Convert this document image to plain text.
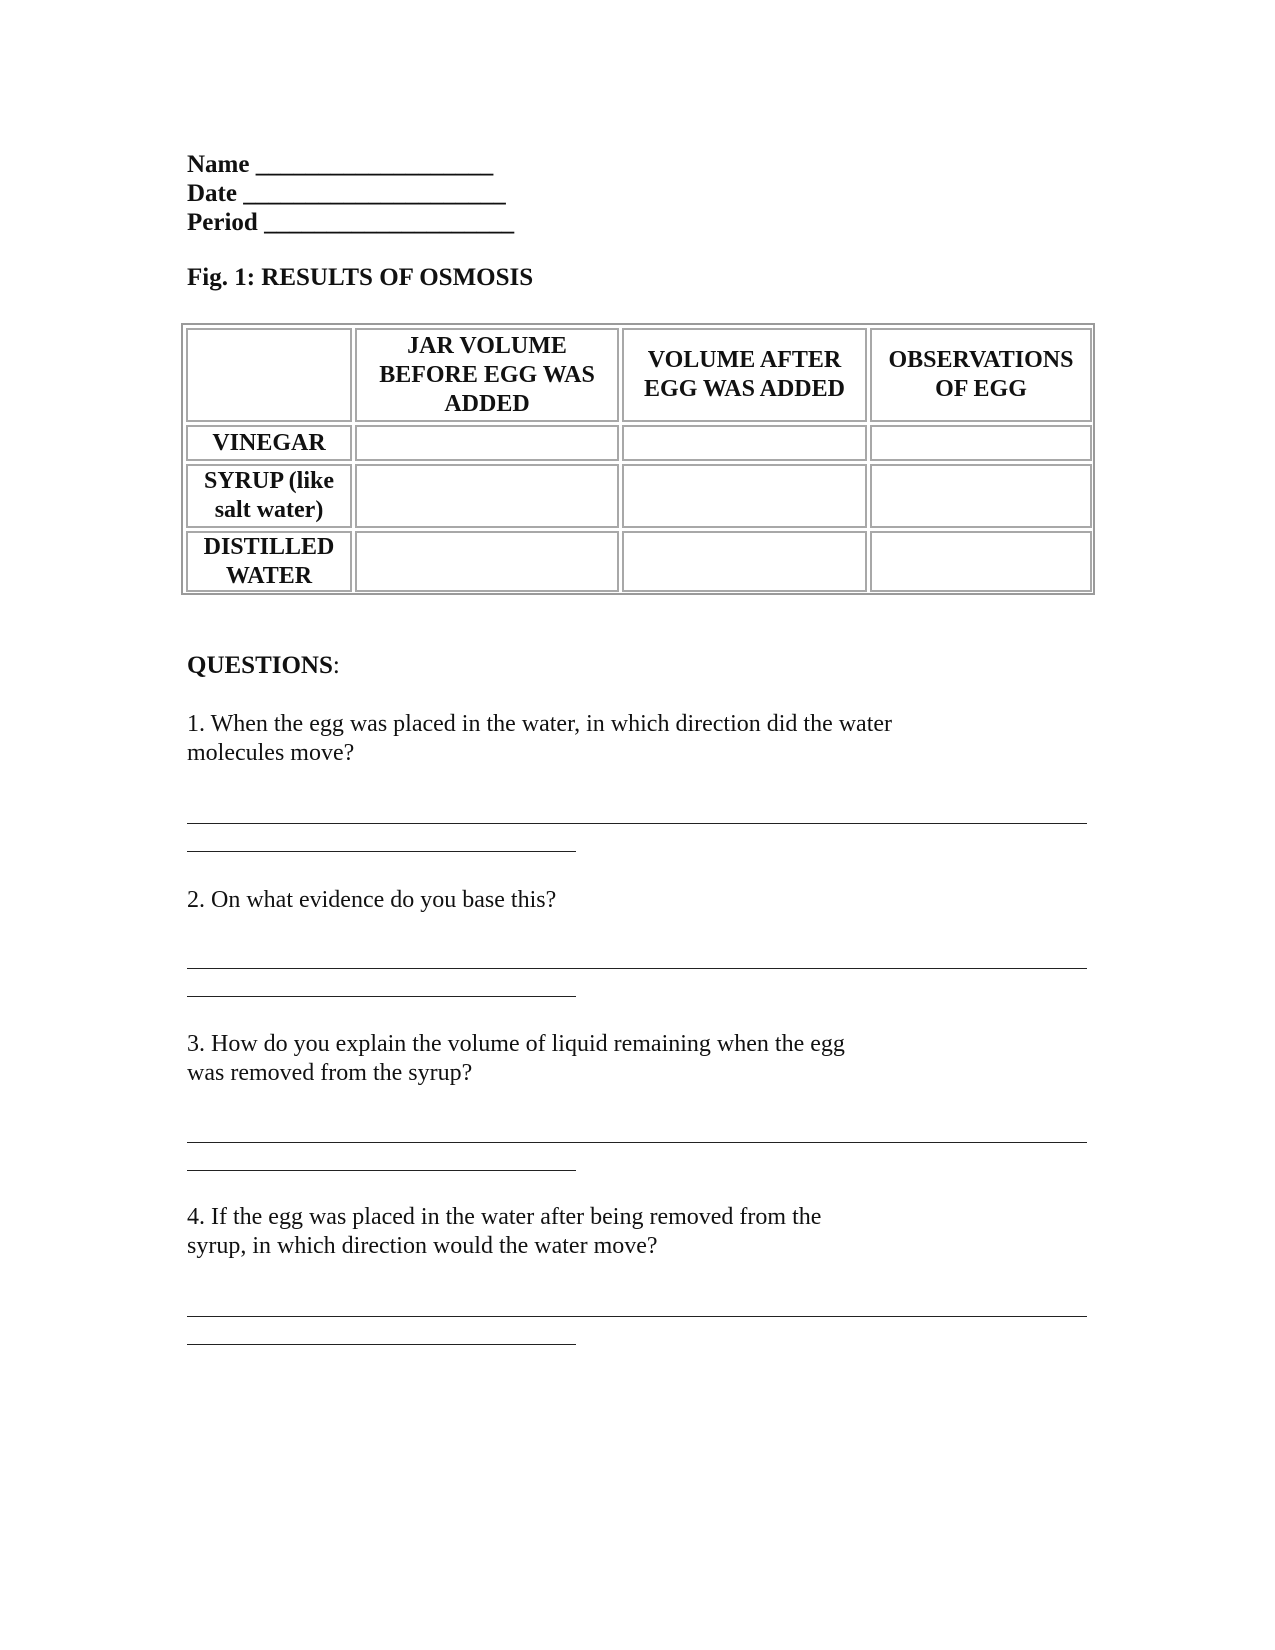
Name ___________________
Date _____________________
Period ____________________
Fig. 1: RESULTS OF OSMOSIS
JAR VOLUME BEFORE EGG WAS ADDED
VOLUME AFTER EGG WAS ADDED
OBSERVATIONS OF EGG
VINEGAR
SYRUP (like salt water)
DISTILLED WATER
QUESTIONS:
1. When the egg was placed in the water, in which direction did the water molecules move?
2. On what evidence do you base this?
3. How do you explain the volume of liquid remaining when the egg was removed from the syrup?
4. If the egg was placed in the water after being removed from the syrup, in which direction would the water move?
